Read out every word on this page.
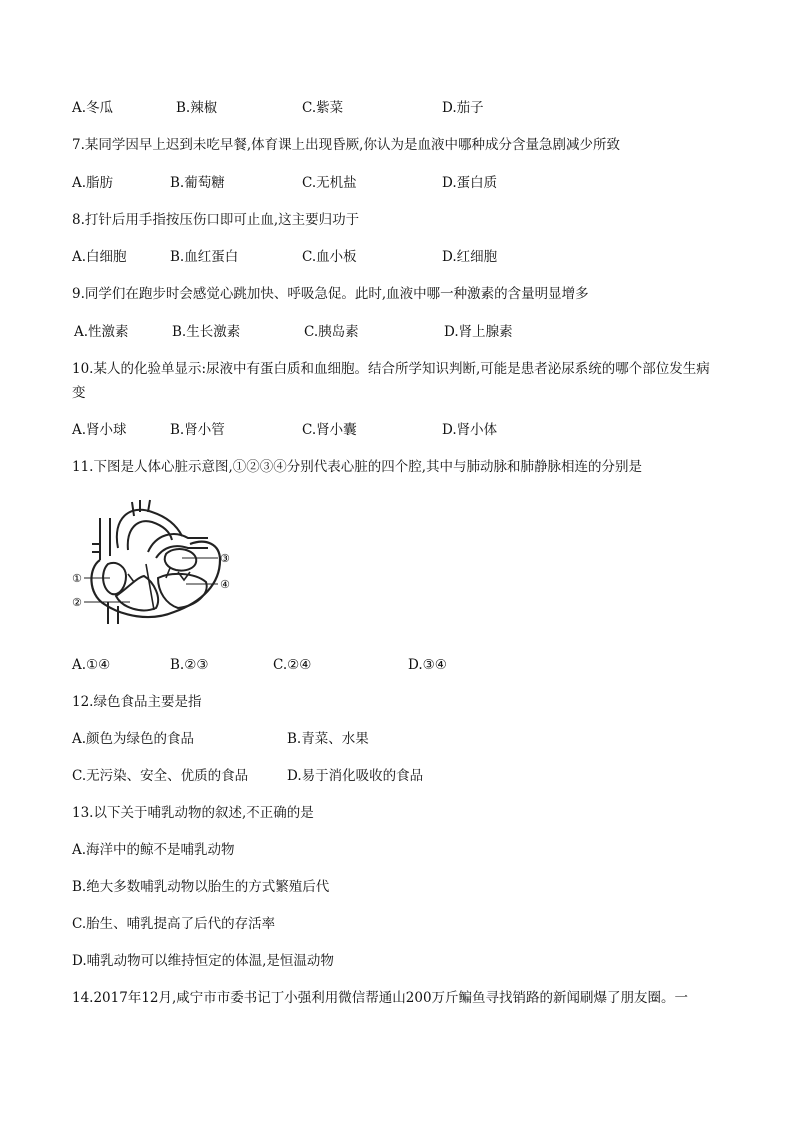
A.冬瓜	B.辣椒	C.紫菜	D.茄子
7.某同学因早上迟到未吃早餐,体育课上出现昏厥,你认为是血液中哪种成分含量急剧减少所致
A.脂肪	B.葡萄糖	C.无机盐	D.蛋白质
8.打针后用手指按压伤口即可止血,这主要归功于
A.白细胞	B.血红蛋白	C.血小板	D.红细胞
9.同学们在跑步时会感觉心跳加快、呼吸急促。此时,血液中哪一种激素的含量明显增多
A.性激素	B.生长激素	C.胰岛素	D.肾上腺素
10.某人的化验单显示:尿液中有蛋白质和血细胞。结合所学知识判断,可能是患者泌尿系统的哪个部位发生病变
A.肾小球	B.肾小管	C.肾小囊	D.肾小体
11.下图是人体心脏示意图,①②③④分别代表心脏的四个腔,其中与肺动脉和肺静脉相连的分别是
①
②
③
④
A.①④	B.②③	C.②④	D.③④
12.绿色食品主要是指
A.颜色为绿色的食品	B.青菜、水果
C.无污染、安全、优质的食品	D.易于消化吸收的食品
13.以下关于哺乳动物的叙述,不正确的是
A.海洋中的鲸不是哺乳动物
B.绝大多数哺乳动物以胎生的方式繁殖后代
C.胎生、哺乳提高了后代的存活率
D.哺乳动物可以维持恒定的体温,是恒温动物
14.2017年12月,咸宁市市委书记丁小强利用微信帮通山200万斤鳊鱼寻找销路的新闻刷爆了朋友圈。一
